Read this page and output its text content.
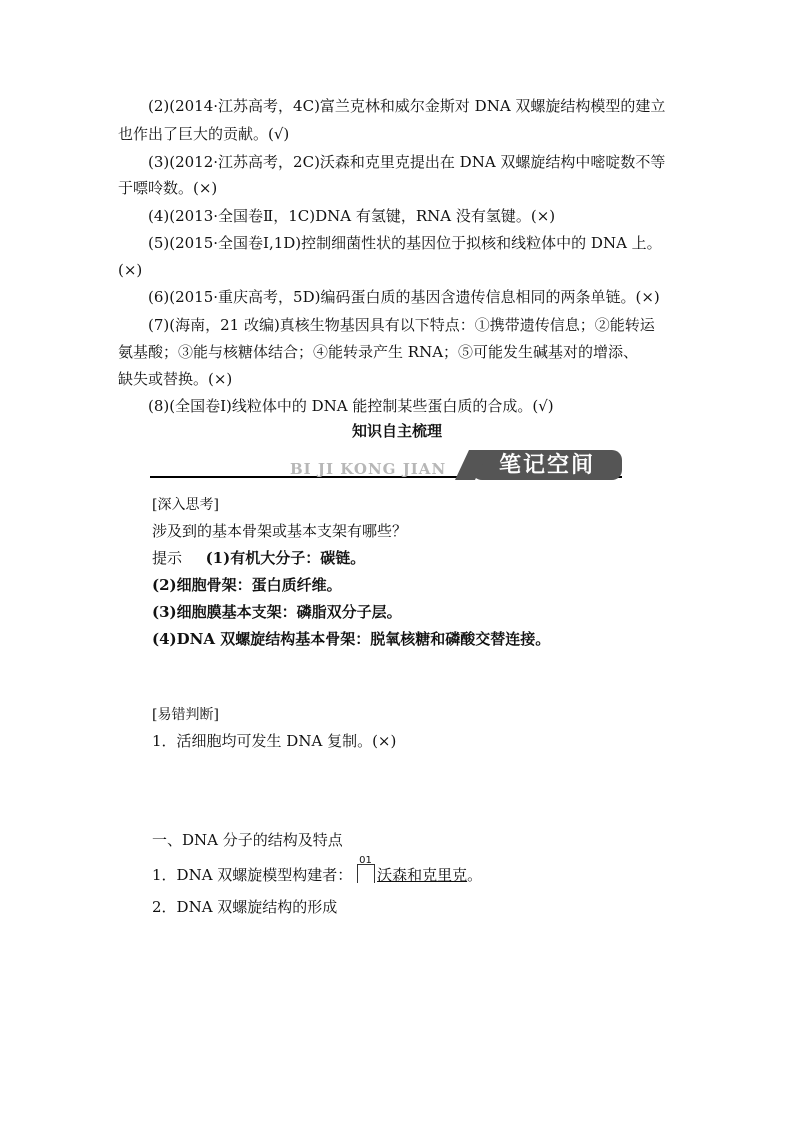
(2)(2014·江苏高考，4C)富兰克林和威尔金斯对 DNA 双螺旋结构模型的建立
也作出了巨大的贡献。(√)
(3)(2012·江苏高考，2C)沃森和克里克提出在 DNA 双螺旋结构中嘧啶数不等
于嘌呤数。(×)
(4)(2013·全国卷Ⅱ，1C)DNA 有氢键，RNA 没有氢键。(×)
(5)(2015·全国卷Ⅰ,1D)控制细菌性状的基因位于拟核和线粒体中的 DNA 上。
(×)
(6)(2015·重庆高考，5D)编码蛋白质的基因含遗传信息相同的两条单链。(×)
(7)(海南，21 改编)真核生物基因具有以下特点：①携带遗传信息；②能转运
氨基酸；③能与核糖体结合；④能转录产生 RNA；⑤可能发生碱基对的增添、
缺失或替换。(×)
(8)(全国卷Ⅰ)线粒体中的 DNA 能控制某些蛋白质的合成。(√)
知识自主梳理
BI JI KONG JIAN	笔记空间
[深入思考]
涉及到的基本骨架或基本支架有哪些？
提示 (1)有机大分子：碳链。
(2)细胞骨架：蛋白质纤维。
(3)细胞膜基本支架：磷脂双分子层。
(4)DNA 双螺旋结构基本骨架：脱氧核糖和磷酸交替连接。
[易错判断]
1．活细胞均可发生 DNA 复制。(×)
一、DNA 分子的结构及特点
1．DNA 双螺旋模型构建者：
01
沃森和克里克。
2．DNA 双螺旋结构的形成
